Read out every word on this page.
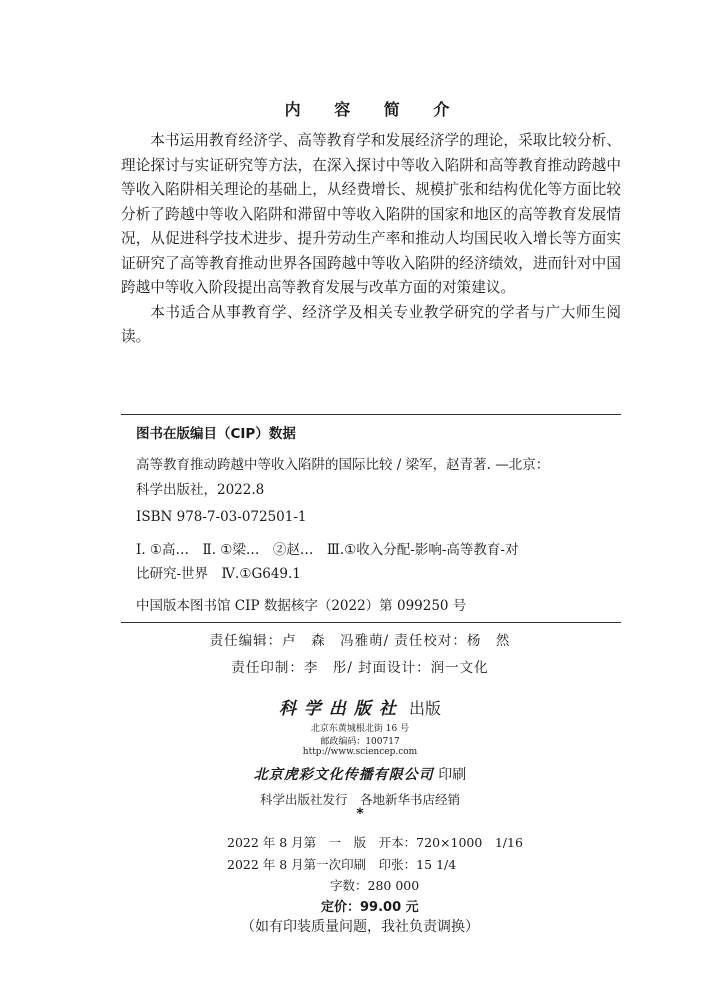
内 容 简 介

本书运用教育经济学、高等教育学和发展经济学的理论，采取比较分析、理论探讨与实证研究等方法，在深入探讨中等收入陷阱和高等教育推动跨越中等收入陷阱相关理论的基础上，从经费增长、规模扩张和结构优化等方面比较分析了跨越中等收入陷阱和滞留中等收入陷阱的国家和地区的高等教育发展情况，从促进科学技术进步、提升劳动生产率和推动人均国民收入增长等方面实证研究了高等教育推动世界各国跨越中等收入陷阱的经济绩效，进而针对中国跨越中等收入阶段提出高等教育发展与改革方面的对策建议。

本书适合从事教育学、经济学及相关专业教学研究的学者与广大师生阅读。

图书在版编目（CIP）数据
高等教育推动跨越中等收入陷阱的国际比较 / 梁军，赵青著. —北京：
科学出版社，2022.8
ISBN 978-7-03-072501-1
Ⅰ. ①高…　Ⅱ. ①梁…　②赵…　Ⅲ.①收入分配-影响-高等教育-对
比研究-世界　Ⅳ.①G649.1
中国版本图书馆 CIP 数据核字（2022）第 099250 号
责任编辑：卢　森　冯雅萌/ 责任校对：杨　然
责任印制：李　彤/ 封面设计：润一文化
科学出版社 出版
北京东黄城根北街 16 号
邮政编码：100717
http://www.sciencep.com
北京虎彩文化传播有限公司 印刷
科学出版社发行　各地新华书店经销
*
2022 年 8 月第　一　版　开本：720×1000　1/16
2022 年 8 月第一次印刷　印张：15 1/4
字数：280 000
定价：99.00 元
（如有印装质量问题，我社负责调换）
